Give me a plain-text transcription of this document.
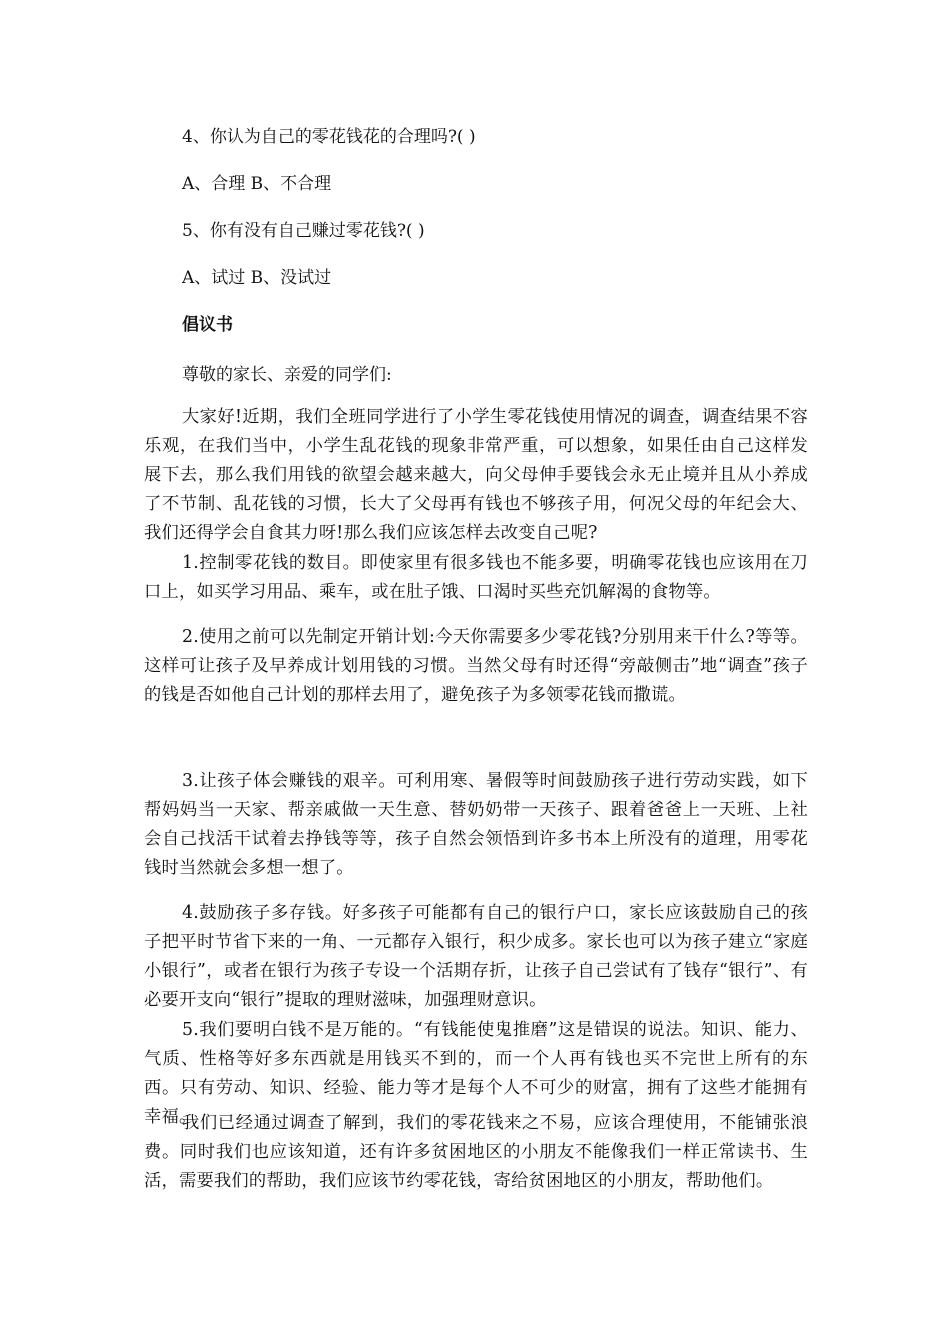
4、你认为自己的零花钱花的合理吗?( )
A、合理 B、不合理
5、你有没有自己赚过零花钱?( )
A、试过 B、没试过
倡议书
尊敬的家长、亲爱的同学们:
大家好!近期，我们全班同学进行了小学生零花钱使用情况的调查，调查结果不容乐观，在我们当中，小学生乱花钱的现象非常严重，可以想象，如果任由自己这样发展下去，那么我们用钱的欲望会越来越大，向父母伸手要钱会永无止境并且从小养成了不节制、乱花钱的习惯，长大了父母再有钱也不够孩子用，何况父母的年纪会大、我们还得学会自食其力呀!那么我们应该怎样去改变自己呢?
1.控制零花钱的数目。即使家里有很多钱也不能多要，明确零花钱也应该用在刀口上，如买学习用品、乘车，或在肚子饿、口渴时买些充饥解渴的食物等。
2.使用之前可以先制定开销计划:今天你需要多少零花钱?分别用来干什么?等等。这样可让孩子及早养成计划用钱的习惯。当然父母有时还得“旁敲侧击”地“调查”孩子的钱是否如他自己计划的那样去用了，避免孩子为多领零花钱而撒谎。
3.让孩子体会赚钱的艰辛。可利用寒、暑假等时间鼓励孩子进行劳动实践，如下帮妈妈当一天家、帮亲戚做一天生意、替奶奶带一天孩子、跟着爸爸上一天班、上社会自己找活干试着去挣钱等等，孩子自然会领悟到许多书本上所没有的道理，用零花钱时当然就会多想一想了。
4.鼓励孩子多存钱。好多孩子可能都有自己的银行户口，家长应该鼓励自己的孩子把平时节省下来的一角、一元都存入银行，积少成多。家长也可以为孩子建立“家庭小银行”，或者在银行为孩子专设一个活期存折，让孩子自己尝试有了钱存“银行”、有必要开支向“银行”提取的理财滋味，加强理财意识。
5.我们要明白钱不是万能的。“有钱能使鬼推磨”这是错误的说法。知识、能力、气质、性格等好多东西就是用钱买不到的，而一个人再有钱也买不完世上所有的东西。只有劳动、知识、经验、能力等才是每个人不可少的财富，拥有了这些才能拥有幸福。
我们已经通过调查了解到，我们的零花钱来之不易，应该合理使用，不能铺张浪费。同时我们也应该知道，还有许多贫困地区的小朋友不能像我们一样正常读书、生活，需要我们的帮助，我们应该节约零花钱，寄给贫困地区的小朋友，帮助他们。
